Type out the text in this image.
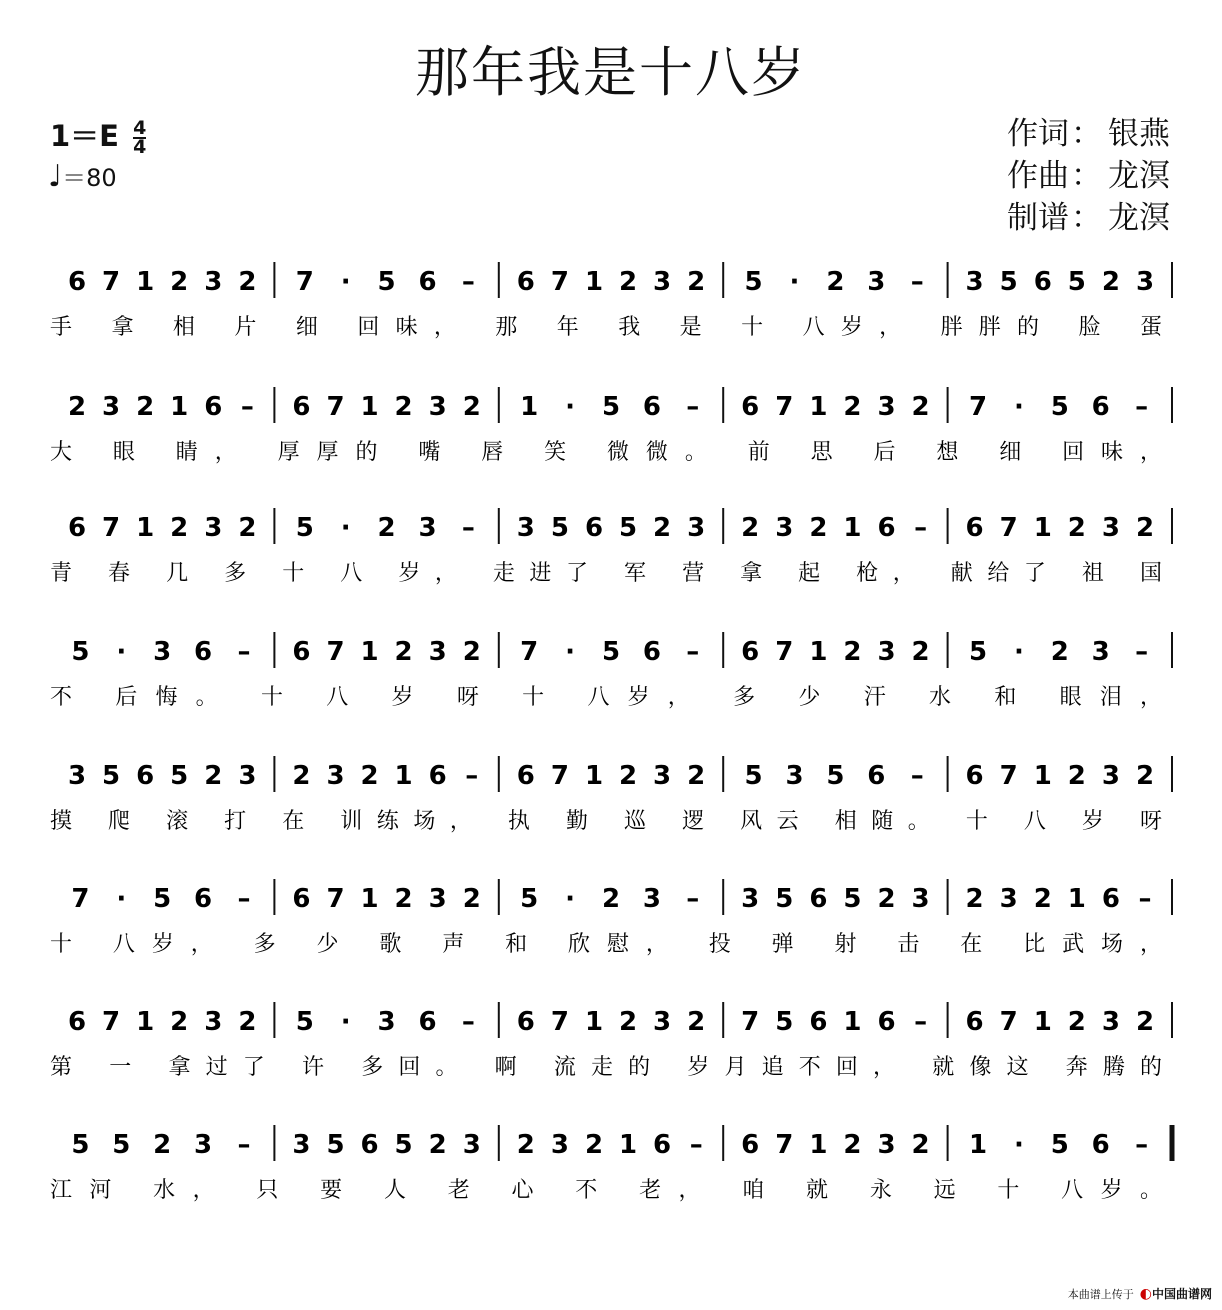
那年我是十八岁
$1=E \frac{4}{4}$
♩＝80
作词 ： 银燕
作曲 ： 龙溟
制谱 ： 龙溟
6 7 1 2 3 2 7 · 5 6 – 6 7 1 2 3 2 5 · 2 3 – 3 5 6 5 2 3
手 拿 相 片 细 回味， 那 年 我 是 十 八岁， 胖胖的 脸 蛋
2 3 2 1 6 – 6 7 1 2 3 2 1 · 5 6 – 6 7 1 2 3 2 7 · 5 6 –
大 眼 睛， 厚厚的 嘴 唇 笑 微微。 前 思 后 想 细 回味，
6 7 1 2 3 2 5 · 2 3 – 3 5 6 5 2 3 2 3 2 1 6 – 6 7 1 2 3 2
青 春 几 多 十 八 岁， 走进了 军 营 拿 起 枪， 献给了 祖 国
5 · 3 6 – 6 7 1 2 3 2 7 · 5 6 – 6 7 1 2 3 2 5 · 2 3 –
不 后悔。 十 八 岁 呀 十 八岁， 多 少 汗 水 和 眼泪，
3 5 6 5 2 3 2 3 2 1 6 – 6 7 1 2 3 2 5 3 5 6 – 6 7 1 2 3 2
摸 爬 滚 打 在 训练场， 执 勤 巡 逻 风云 相随。 十 八 岁 呀
7 · 5 6 – 6 7 1 2 3 2 5 · 2 3 – 3 5 6 5 2 3 2 3 2 1 6 –
十 八岁， 多 少 歌 声 和 欣慰， 投 弹 射 击 在 比武场，
6 7 1 2 3 2 5 · 3 6 – 6 7 1 2 3 2 7 5 6 1 6 – 6 7 1 2 3 2
第 一 拿过了 许 多回。 啊 流走的 岁月追不回， 就像这 奔腾的
5 5 2 3 – 3 5 6 5 2 3 2 3 2 1 6 – 6 7 1 2 3 2 1 · 5 6 –
江河 水， 只 要 人 老 心 不 老， 咱 就 永 远 十 八岁。
本曲谱上传于 ◐中国曲谱网
